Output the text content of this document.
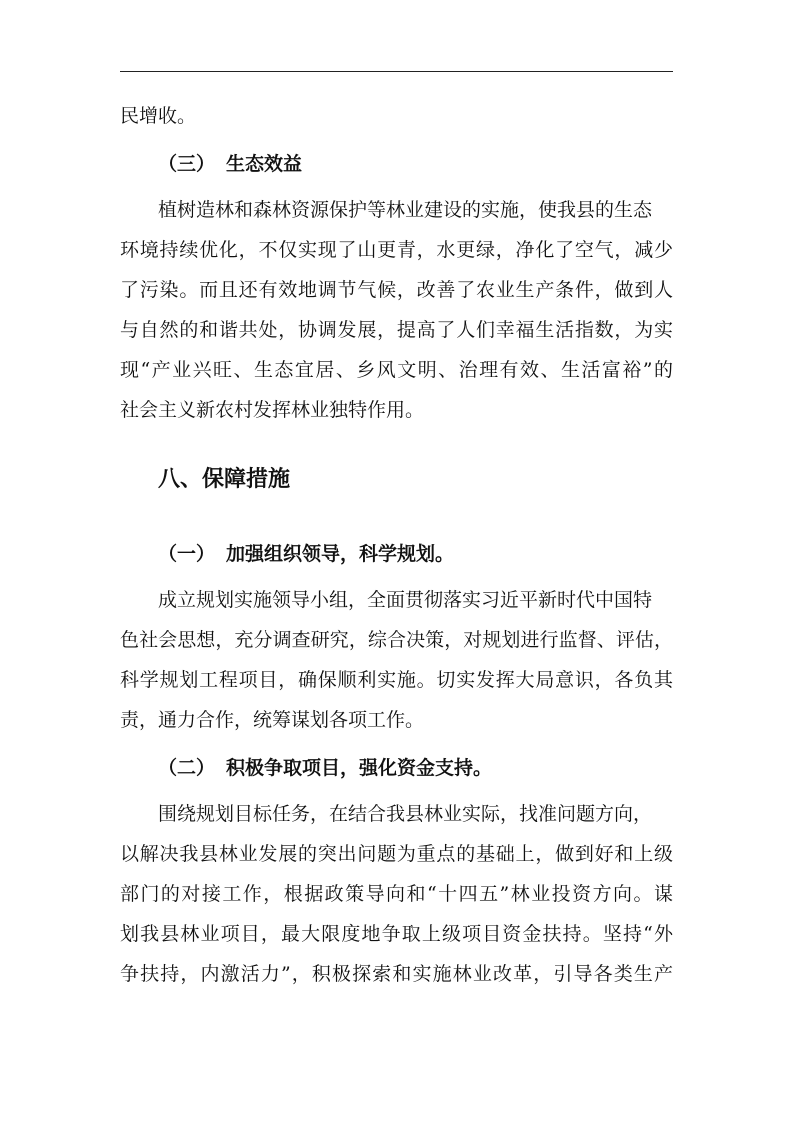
民增收。
（三） 生态效益
植树造林和森林资源保护等林业建设的实施，使我县的生态
环境持续优化，不仅实现了山更青，水更绿，净化了空气，减少
了污染。而且还有效地调节气候，改善了农业生产条件，做到人
与自然的和谐共处，协调发展，提高了人们幸福生活指数，为实
现“产业兴旺、生态宜居、乡风文明、治理有效、生活富裕”的
社会主义新农村发挥林业独特作用。
八、保障措施
（一） 加强组织领导，科学规划。
成立规划实施领导小组，全面贯彻落实习近平新时代中国特
色社会思想，充分调查研究，综合决策，对规划进行监督、评估，
科学规划工程项目，确保顺利实施。切实发挥大局意识，各负其
责，通力合作，统筹谋划各项工作。
（二） 积极争取项目，强化资金支持。
围绕规划目标任务，在结合我县林业实际，找准问题方向，
以解决我县林业发展的突出问题为重点的基础上，做到好和上级
部门的对接工作，根据政策导向和“十四五”林业投资方向。谋
划我县林业项目，最大限度地争取上级项目资金扶持。坚持“外
争扶持，内激活力”，积极探索和实施林业改革，引导各类生产
